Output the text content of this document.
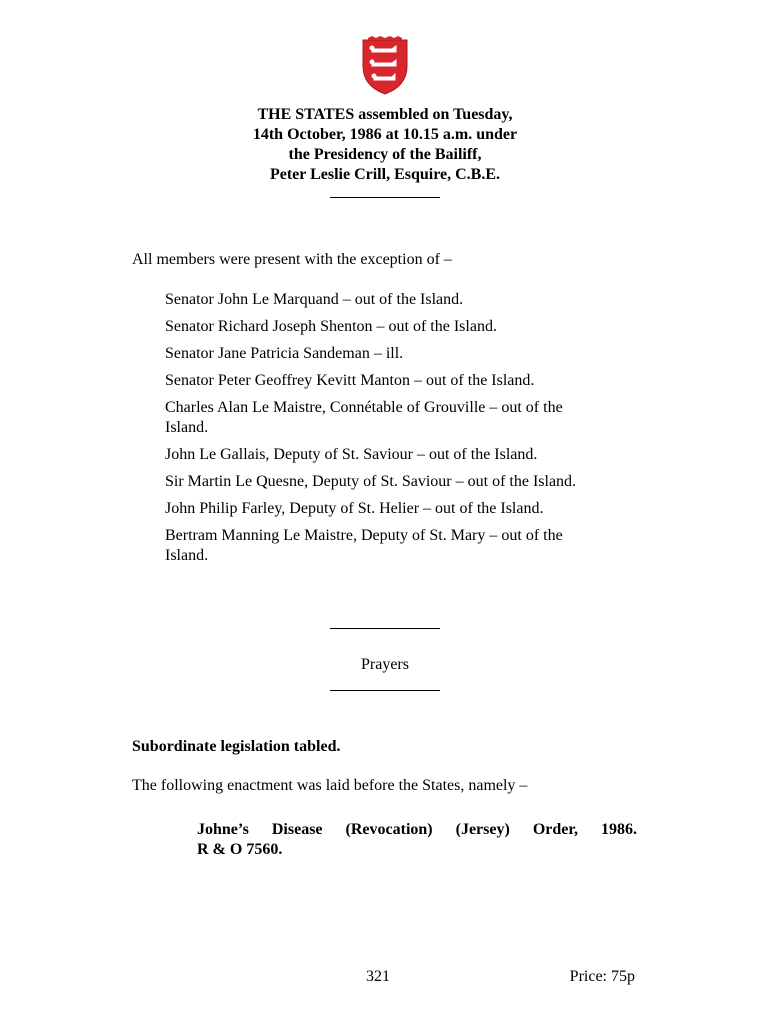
THE STATES assembled on Tuesday,
14th October, 1986 at 10.15 a.m. under
the Presidency of the Bailiff,
Peter Leslie Crill, Esquire, C.B.E.
All members were present with the exception of –
Senator John Le Marquand – out of the Island.
Senator Richard Joseph Shenton – out of the Island.
Senator Jane Patricia Sandeman – ill.
Senator Peter Geoffrey Kevitt Manton – out of the Island.
Charles Alan Le Maistre, Connétable of Grouville – out of the Island.
John Le Gallais, Deputy of St. Saviour – out of the Island.
Sir Martin Le Quesne, Deputy of St. Saviour – out of the Island.
John Philip Farley, Deputy of St. Helier – out of the Island.
Bertram Manning Le Maistre, Deputy of St. Mary – out of the Island.
Prayers
Subordinate legislation tabled.
The following enactment was laid before the States, namely –
Johne’s Disease (Revocation) (Jersey) Order, 1986.
R & O 7560.
321	Price: 75p
